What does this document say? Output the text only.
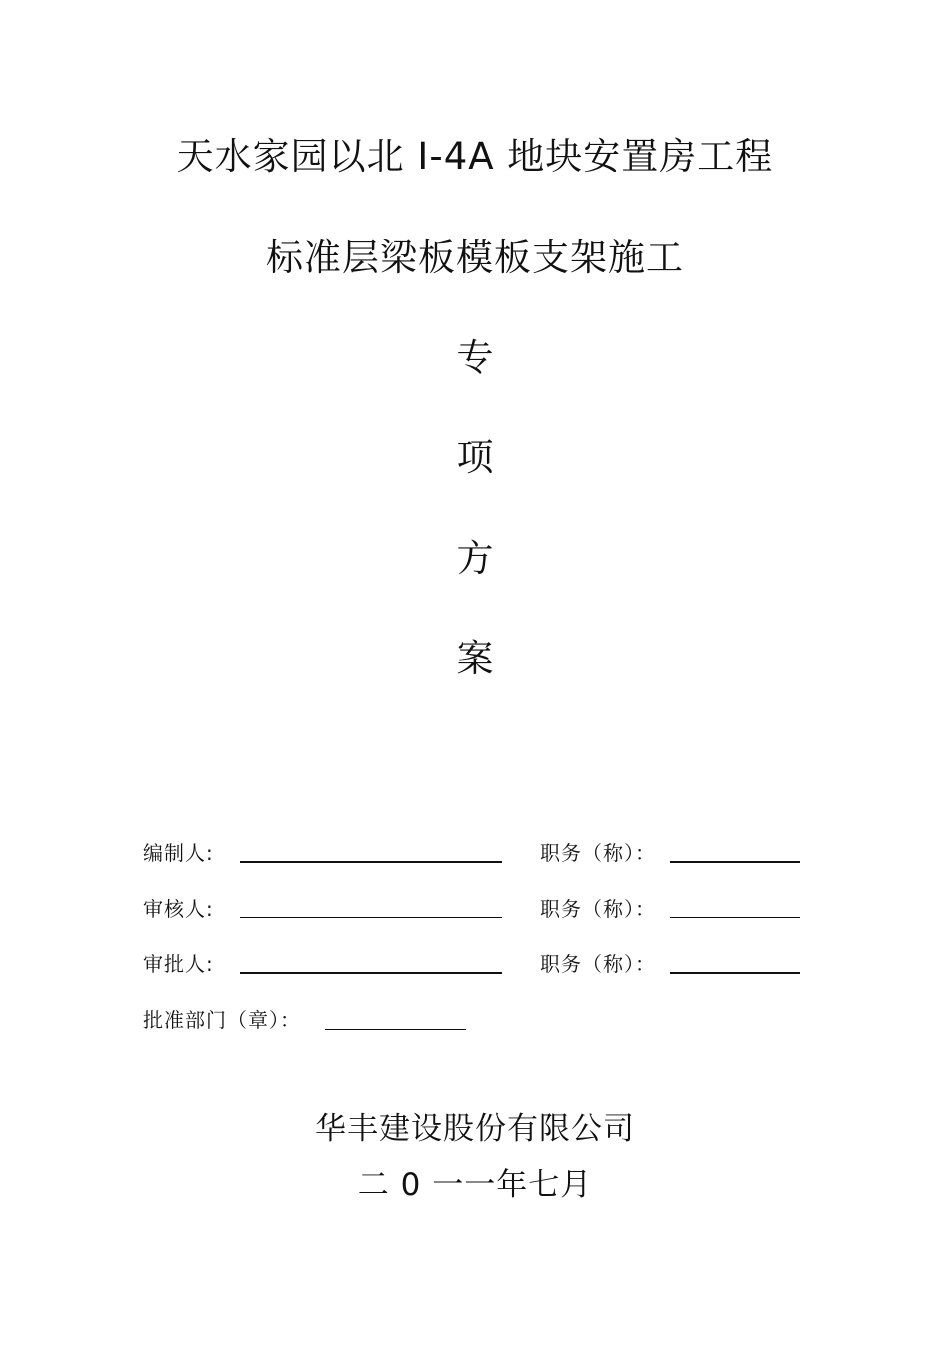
天水家园以北 I-4A 地块安置房工程
标准层梁板模板支架施工
专
项
方
案
编制人:	职务（称）：
审核人:	职务（称）：
审批人:	职务（称）：
批准部门（章）：
华丰建设股份有限公司
二 0 一一年七月
